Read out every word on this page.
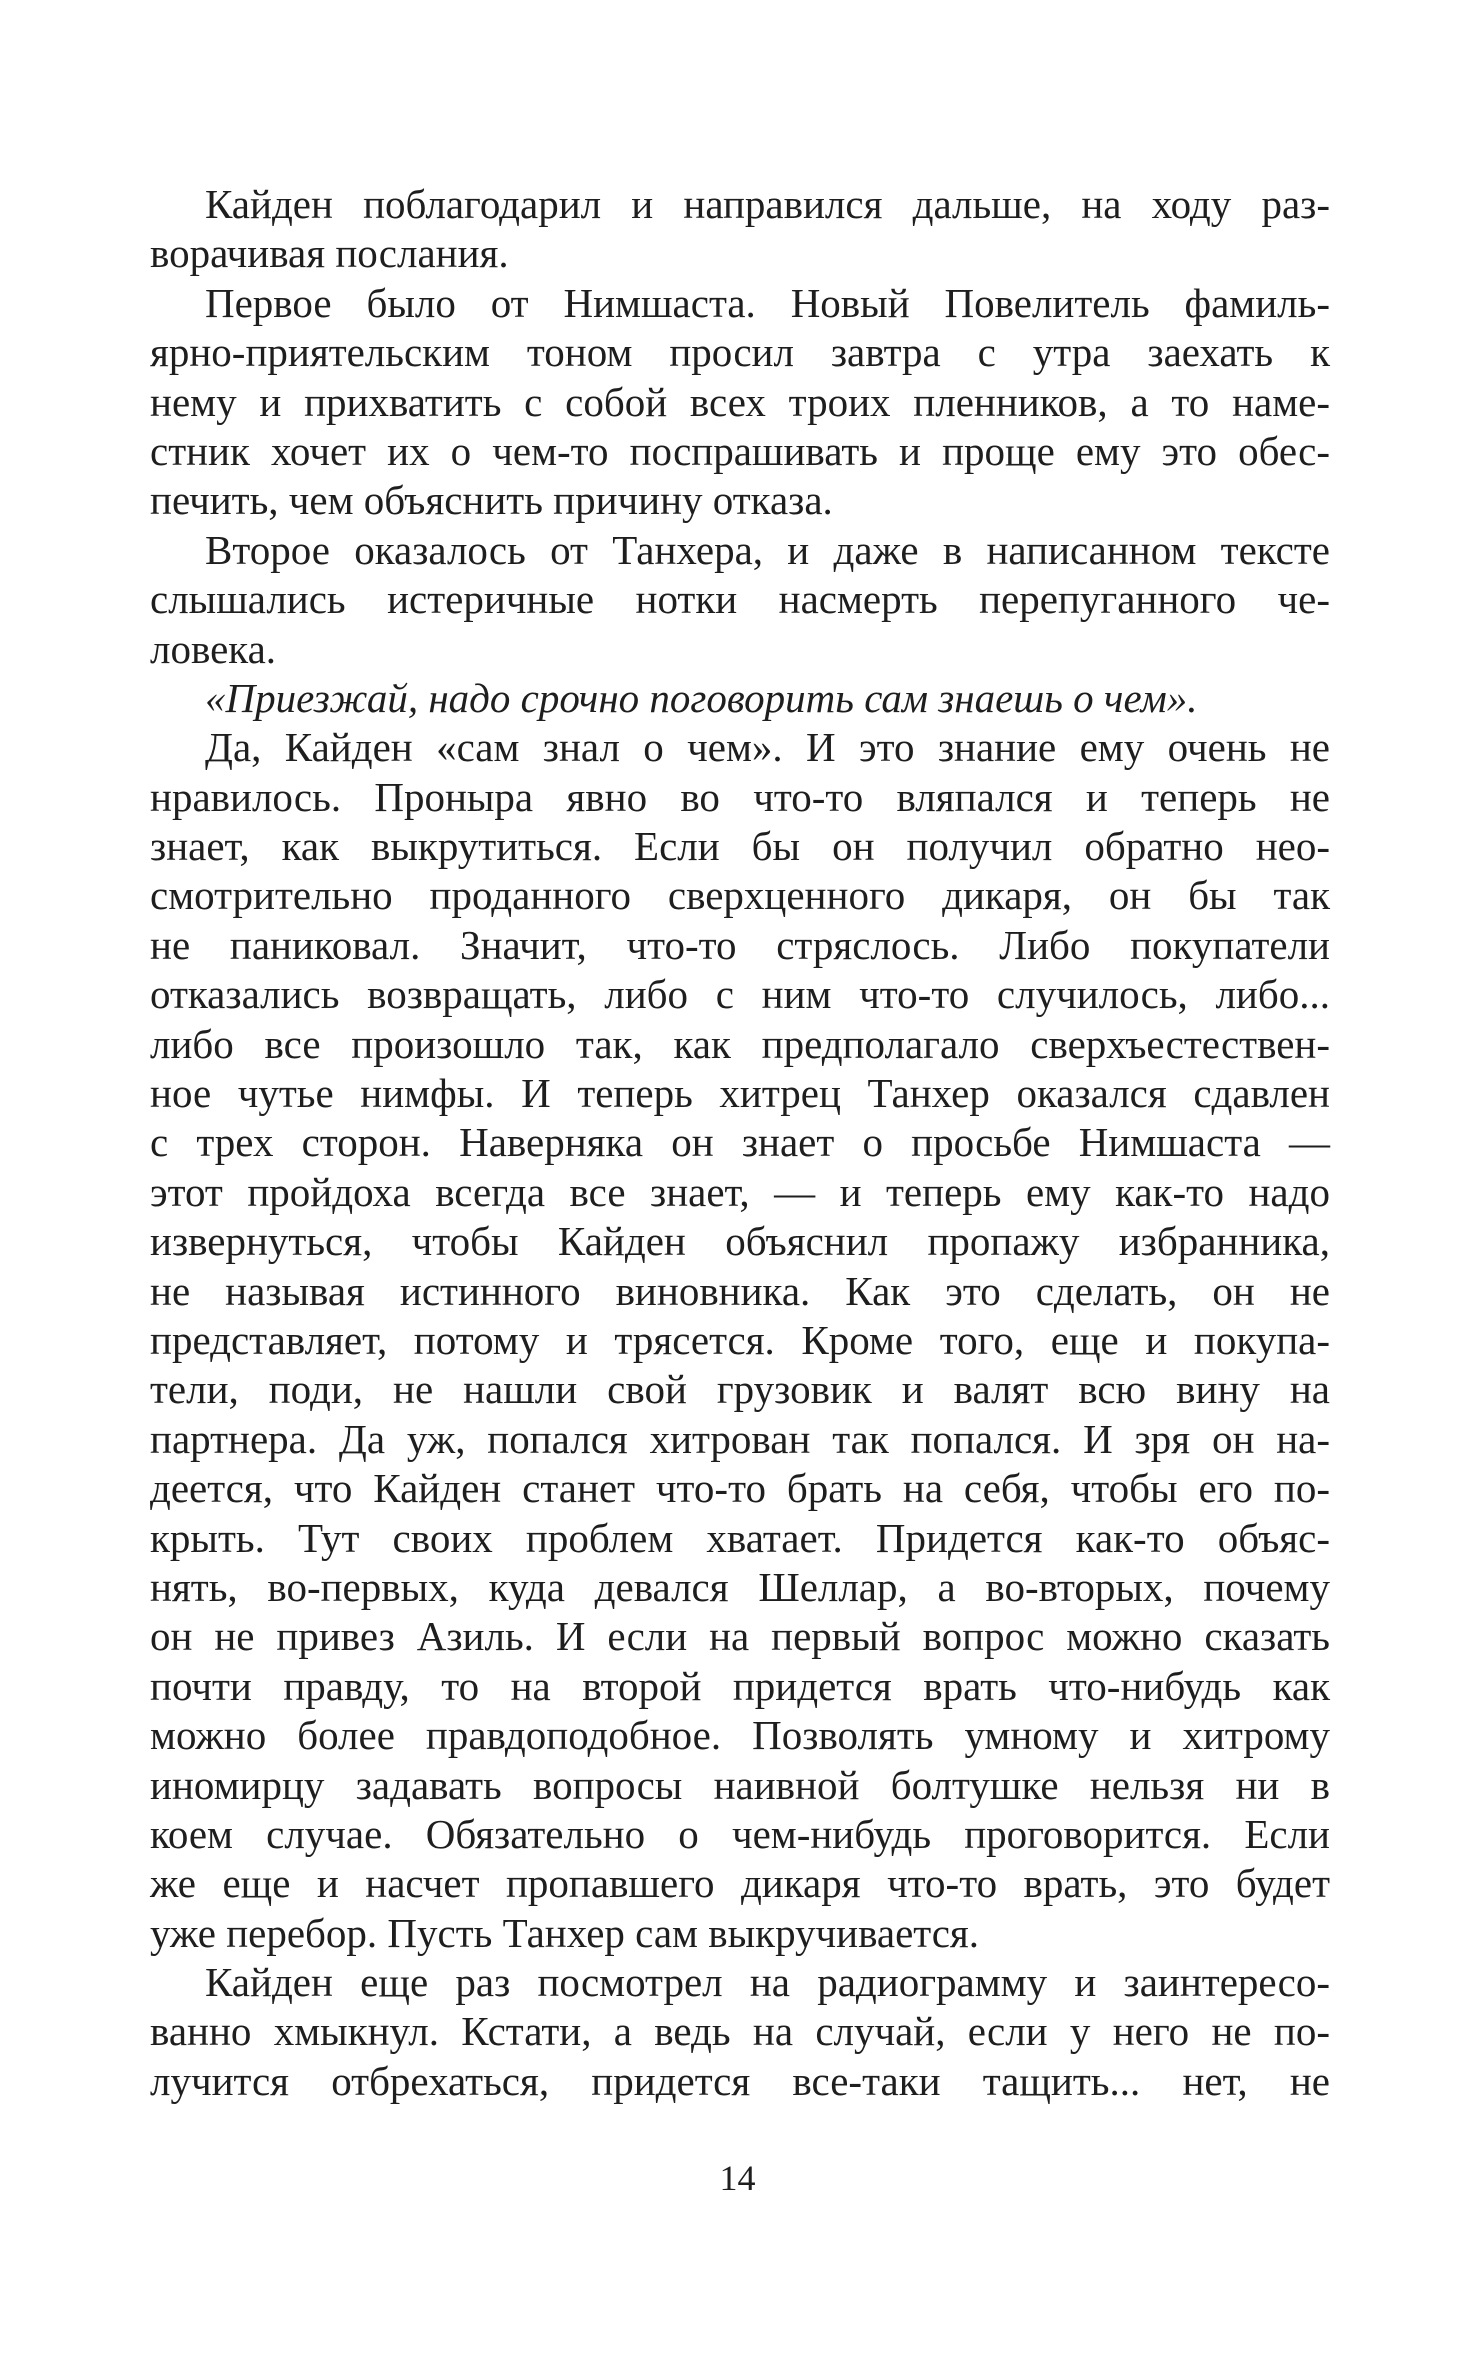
Кайден поблагодарил и направился дальше, на ходу раз-
ворачивая послания.
Первое было от Нимшаста. Новый Повелитель фамиль-
ярно-приятельским тоном просил завтра с утра заехать к
нему и прихватить с собой всех троих пленников, а то наме-
стник хочет их о чем-то поспрашивать и проще ему это обес-
печить, чем объяснить причину отказа.
Второе оказалось от Танхера, и даже в написанном тексте
слышались истеричные нотки насмерть перепуганного че-
ловека.
«Приезжай, надо срочно поговорить сам знаешь о чем».
Да, Кайден «сам знал о чем». И это знание ему очень не
нравилось. Проныра явно во что-то вляпался и теперь не
знает, как выкрутиться. Если бы он получил обратно нео-
смотрительно проданного сверхценного дикаря, он бы так
не паниковал. Значит, что-то стряслось. Либо покупатели
отказались возвращать, либо с ним что-то случилось, либо...
либо все произошло так, как предполагало сверхъестествен-
ное чутье нимфы. И теперь хитрец Танхер оказался сдавлен
с трех сторон. Наверняка он знает о просьбе Нимшаста —
этот пройдоха всегда все знает, — и теперь ему как-то надо
извернуться, чтобы Кайден объяснил пропажу избранника,
не называя истинного виновника. Как это сделать, он не
представляет, потому и трясется. Кроме того, еще и покупа-
тели, поди, не нашли свой грузовик и валят всю вину на
партнера. Да уж, попался хитрован так попался. И зря он на-
деется, что Кайден станет что-то брать на себя, чтобы его по-
крыть. Тут своих проблем хватает. Придется как-то объяс-
нять, во-первых, куда девался Шеллар, а во-вторых, почему
он не привез Азиль. И если на первый вопрос можно сказать
почти правду, то на второй придется врать что-нибудь как
можно более правдоподобное. Позволять умному и хитрому
иномирцу задавать вопросы наивной болтушке нельзя ни в
коем случае. Обязательно о чем-нибудь проговорится. Если
же еще и насчет пропавшего дикаря что-то врать, это будет
уже перебор. Пусть Танхер сам выкручивается.
Кайден еще раз посмотрел на радиограмму и заинтересо-
ванно хмыкнул. Кстати, а ведь на случай, если у него не по-
лучится отбрехаться, придется все-таки тащить... нет, не
14
